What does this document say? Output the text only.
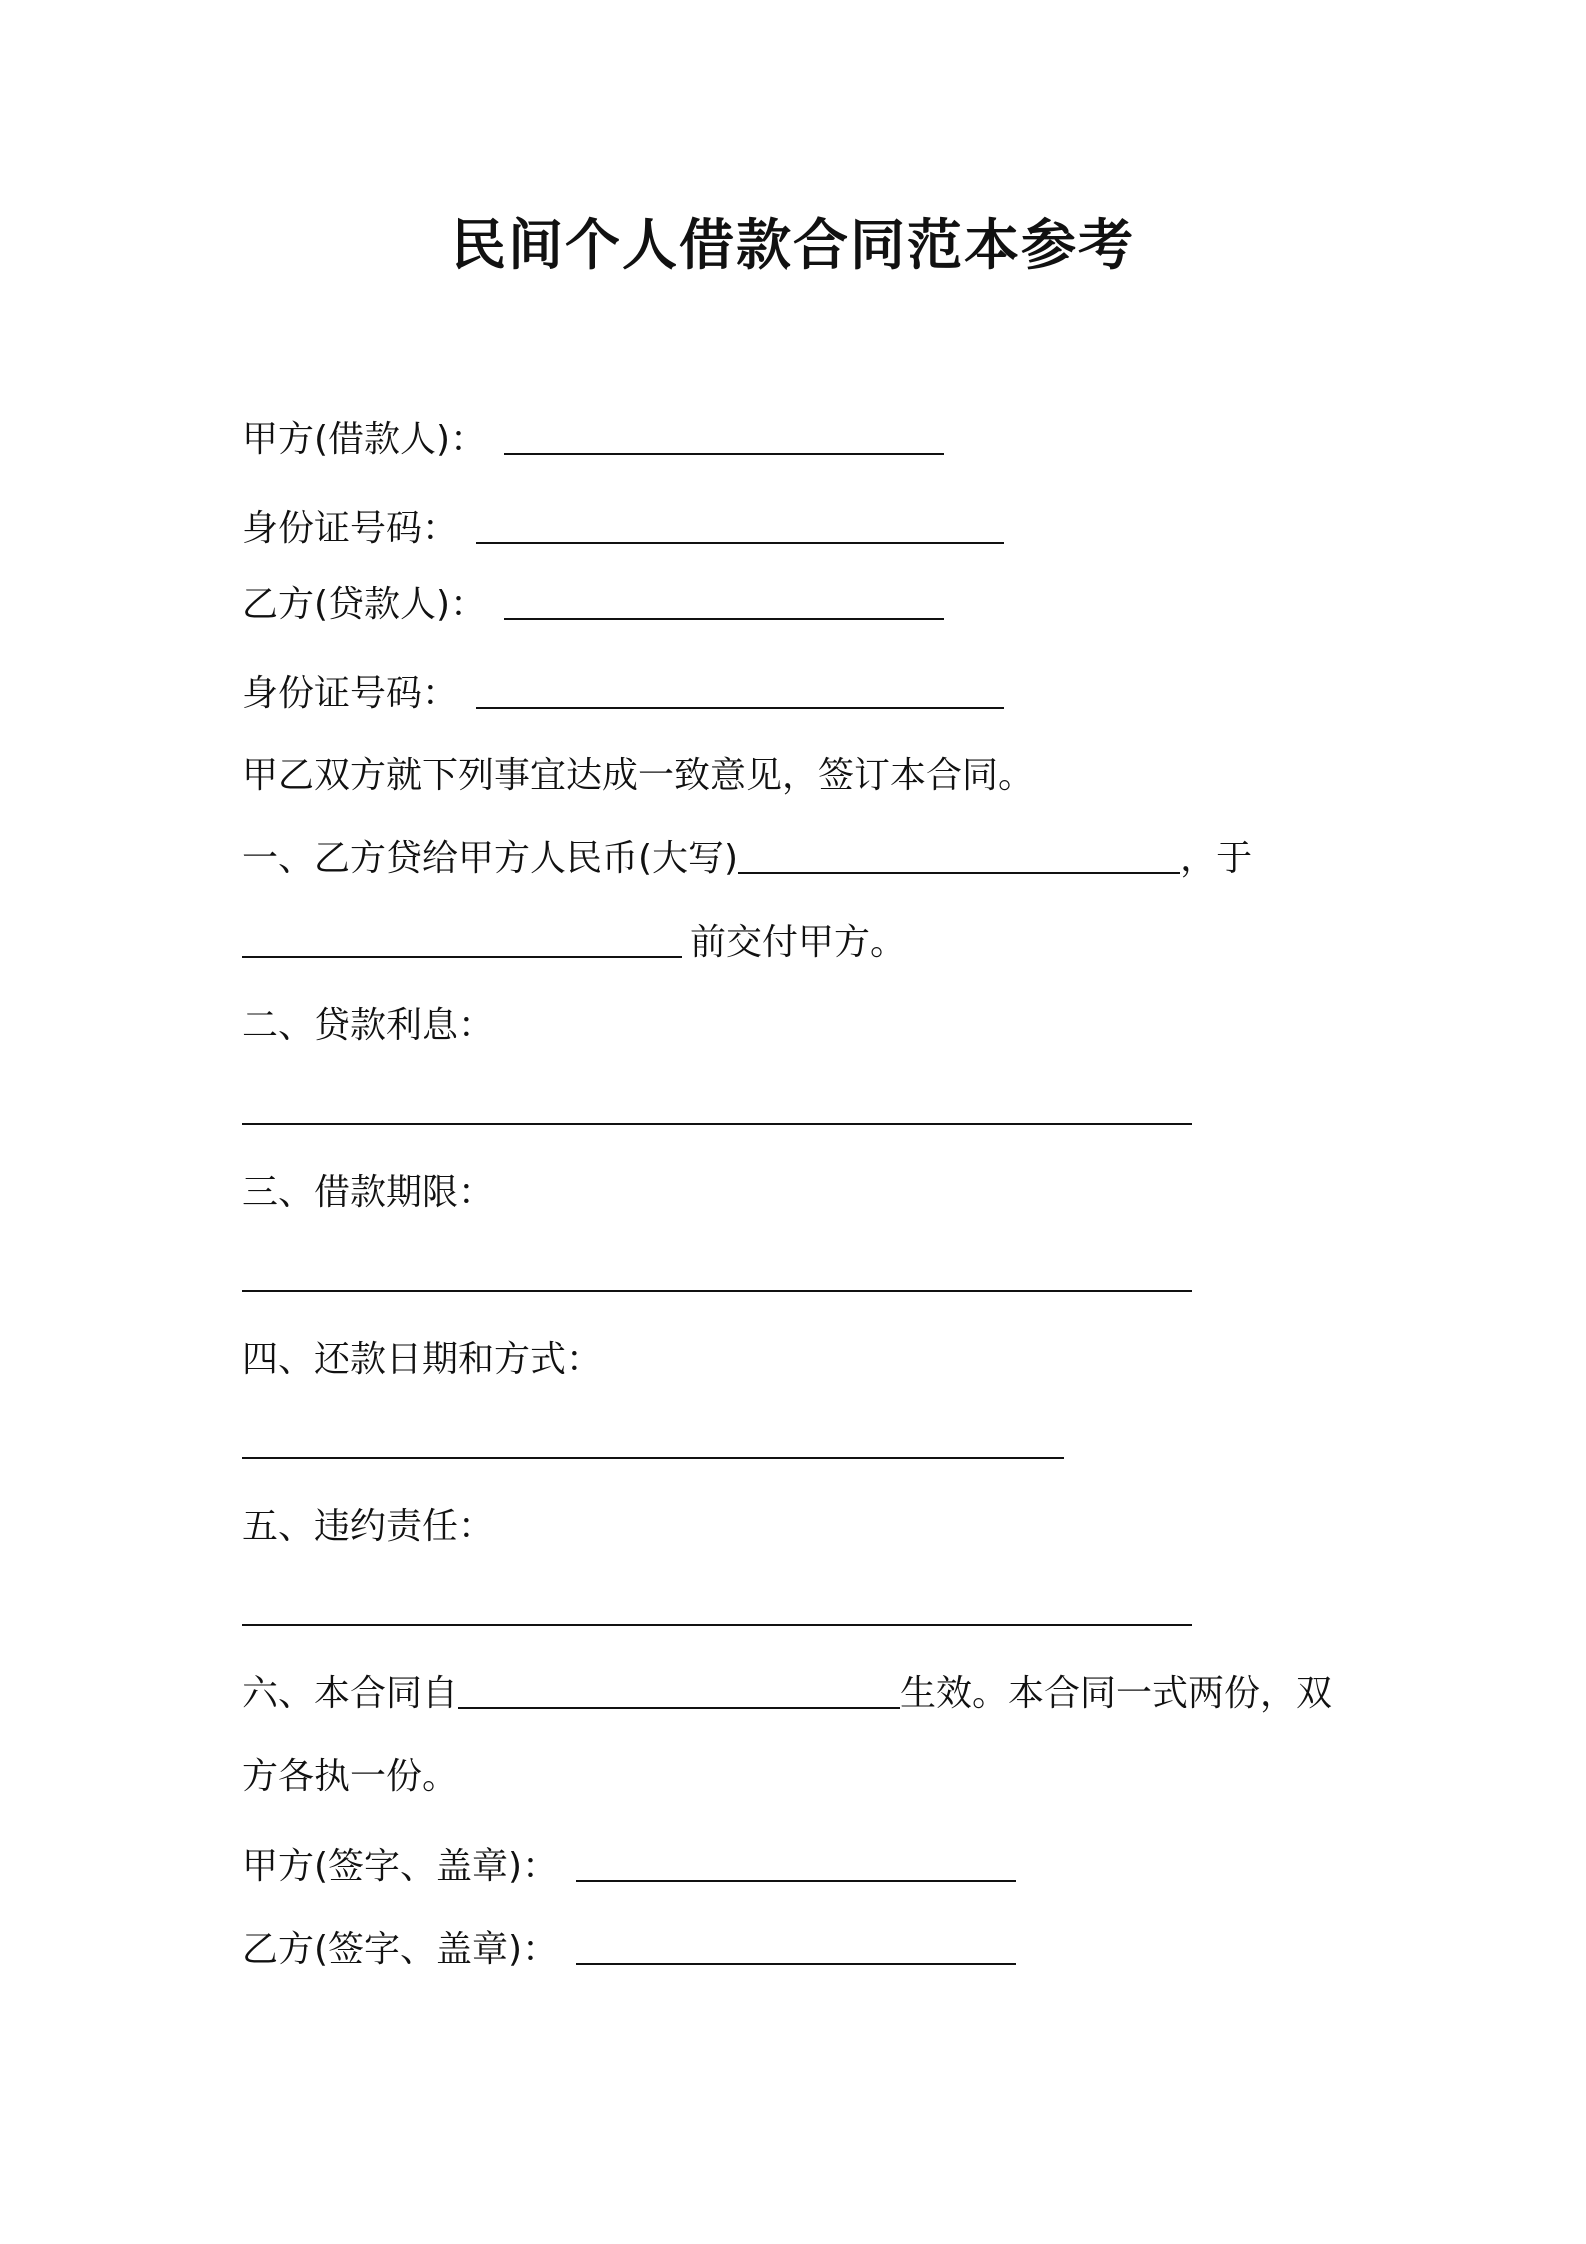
民间个人借款合同范本参考

甲方(借款人)：

身份证号码：

乙方(贷款人)：

身份证号码：

甲乙双方就下列事宜达成一致意见，签订本合同。

一、乙方贷给甲方人民币(大写)	，于

前交付甲方。

二、贷款利息：

三、借款期限：

四、还款日期和方式：

五、违约责任：

六、本合同自	生效。本合同一式两份，双

方各执一份。

甲方(签字、盖章)：

乙方(签字、盖章)：
